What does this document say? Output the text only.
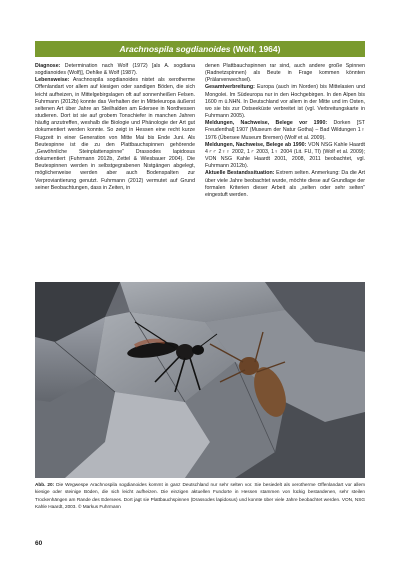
Arachnospila sogdianoides (Wolf, 1964)

Diagnose: Determination nach Wolf (1972) [als A. sogdiana sogdianoides (Wolf)], Oehlke & Wolf (1987).

Lebensweise: Arachnospila sogdianoides nistet als xerotherme Offenlandart vor allem auf kiesigen oder sandigen Böden, die sich leicht aufheizen, in Mittelgebirgslagen oft auf sonnenheißen Felsen. Fuhrmann (2012b) konnte das Verhalten der in Mitteleuropa äußerst seltenen Art über Jahre an Steilhalden am Edersee in Nordhessen studieren. Dort ist sie auf grobem Tonschiefer in manchen Jahren häufig anzutreffen, weshalb die Biologie und Phänologie der Art gut dokumentiert werden konnte. So zeigt in Hessen eine recht kurze Flugzeit in einer Generation von Mitte Mai bis Ende Juni. Als Beutespinne ist die zu den Plattbauchspinnen gehörende „Gewöhnliche Steinplattenspinne“ Drassodes lapidosus dokumentiert (Fuhrmann 2012b, Zettel & Wiesbauer 2004). Die Beutespinnen werden in selbstgegrabenen Nistgängen abgelegt, möglicherweise werden aber auch Bodenspalten zur Verproviantierung genutzt. Fuhrmann (2012) vermutet auf Grund seiner Beobachtungen, dass in Zeiten, in

denen Plattbauchspinnen rar sind, auch andere große Spinnen (Radnetzspinnen) als Beute in Frage kommen könnten (Prälarvenwechsel).

Gesamtverbreitung: Europa (auch im Norden) bis Mittelasien und Mongolei. Im Südeuropa nur in den Hochgebirgen. In den Alpen bis 1600 m ü.NHN. In Deutschland vor allem in der Mitte und im Osten, wo sie bis zur Ostseeküste verbreitet ist (vgl. Verbreitungskarte in Fuhrmann 2005).

Meldungen, Nachweise, Belege vor 1990: Dorken [ST Freudenthal] 1907 (Museum der Natur Gotha) – Bad Wildungen 1♀ 1976 (Übersee Museum Bremen) (Wolf et al. 2009).

Meldungen, Nachweise, Belege ab 1990: VON NSG Kahle Haardt 4♂♂ 2♀♀ 2002, 1♂ 2003, 1♀ 2004 (Lit. FU, TI) (Wolf et al. 2009); VON NSG Kahle Haardt 2001, 2008, 2011 beobachtet, vgl. Fuhrmann 2012b).

Aktuelle Bestandssituation: Extrem selten. Anmerkung: Da die Art über viele Jahre beobachtet wurde, möchte diese auf Grundlage der formalen Kriterien dieser Arbeit als „selten oder sehr selten“ eingestuft werden.

Abb. 20: Die Wegwespe Arachnospila sogdianoides kommt in ganz Deutschland nur sehr selten vor. Sie besiedelt als xerotherme Offenlandart vor allem kiesige oder steinige Böden, die sich leicht aufheizen. Die einzigen aktuellen Fundorte in Hessen stammen von lückig bestandenen, sehr steilen Trockenhängen am Rande des Edersees. Dort jagt sie Plattbauchspinnen (Drassodes lapidosus) und konnte über viele Jahre beobachtet werden. VON, NSG Kahle Haardt, 2003. © Markus Fuhrmann
60
